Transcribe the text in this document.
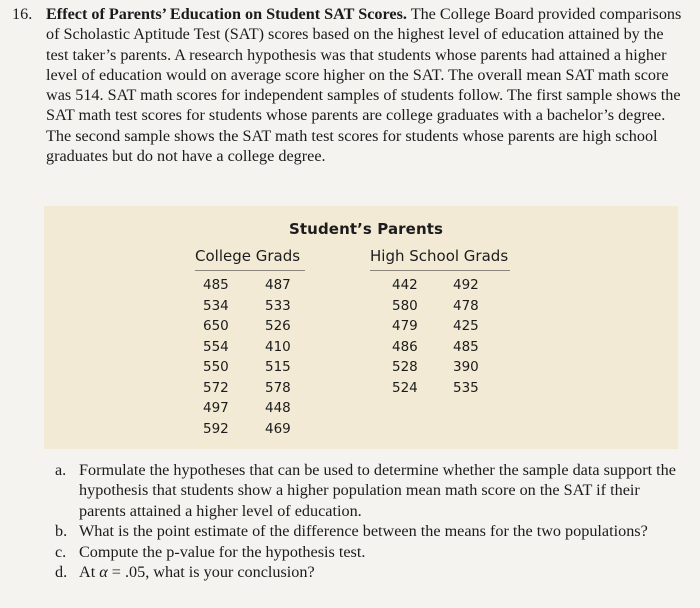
16. Effect of Parents’ Education on Student SAT Scores. The College Board provided comparisons of Scholastic Aptitude Test (SAT) scores based on the highest level of education attained by the test taker’s parents. A research hypothesis was that students whose parents had attained a higher level of education would on average score higher on the SAT. The overall mean SAT math score was 514. SAT math scores for independent samples of students follow. The first sample shows the SAT math test scores for students whose parents are college graduates with a bachelor’s degree. The second sample shows the SAT math test scores for students whose parents are high school graduates but do not have a college degree.

Student’s Parents
College Grads	High School Grads
485
534
650
554
550
572
497
592
487
533
526
410
515
578
448
469
442
580
479
486
528
524
492
478
425
485
390
535
a. Formulate the hypotheses that can be used to determine whether the sample data support the hypothesis that students show a higher population mean math score on the SAT if their parents attained a higher level of education.
b. What is the point estimate of the difference between the means for the two populations?
c. Compute the p-value for the hypothesis test.
d. At α = .05, what is your conclusion?
